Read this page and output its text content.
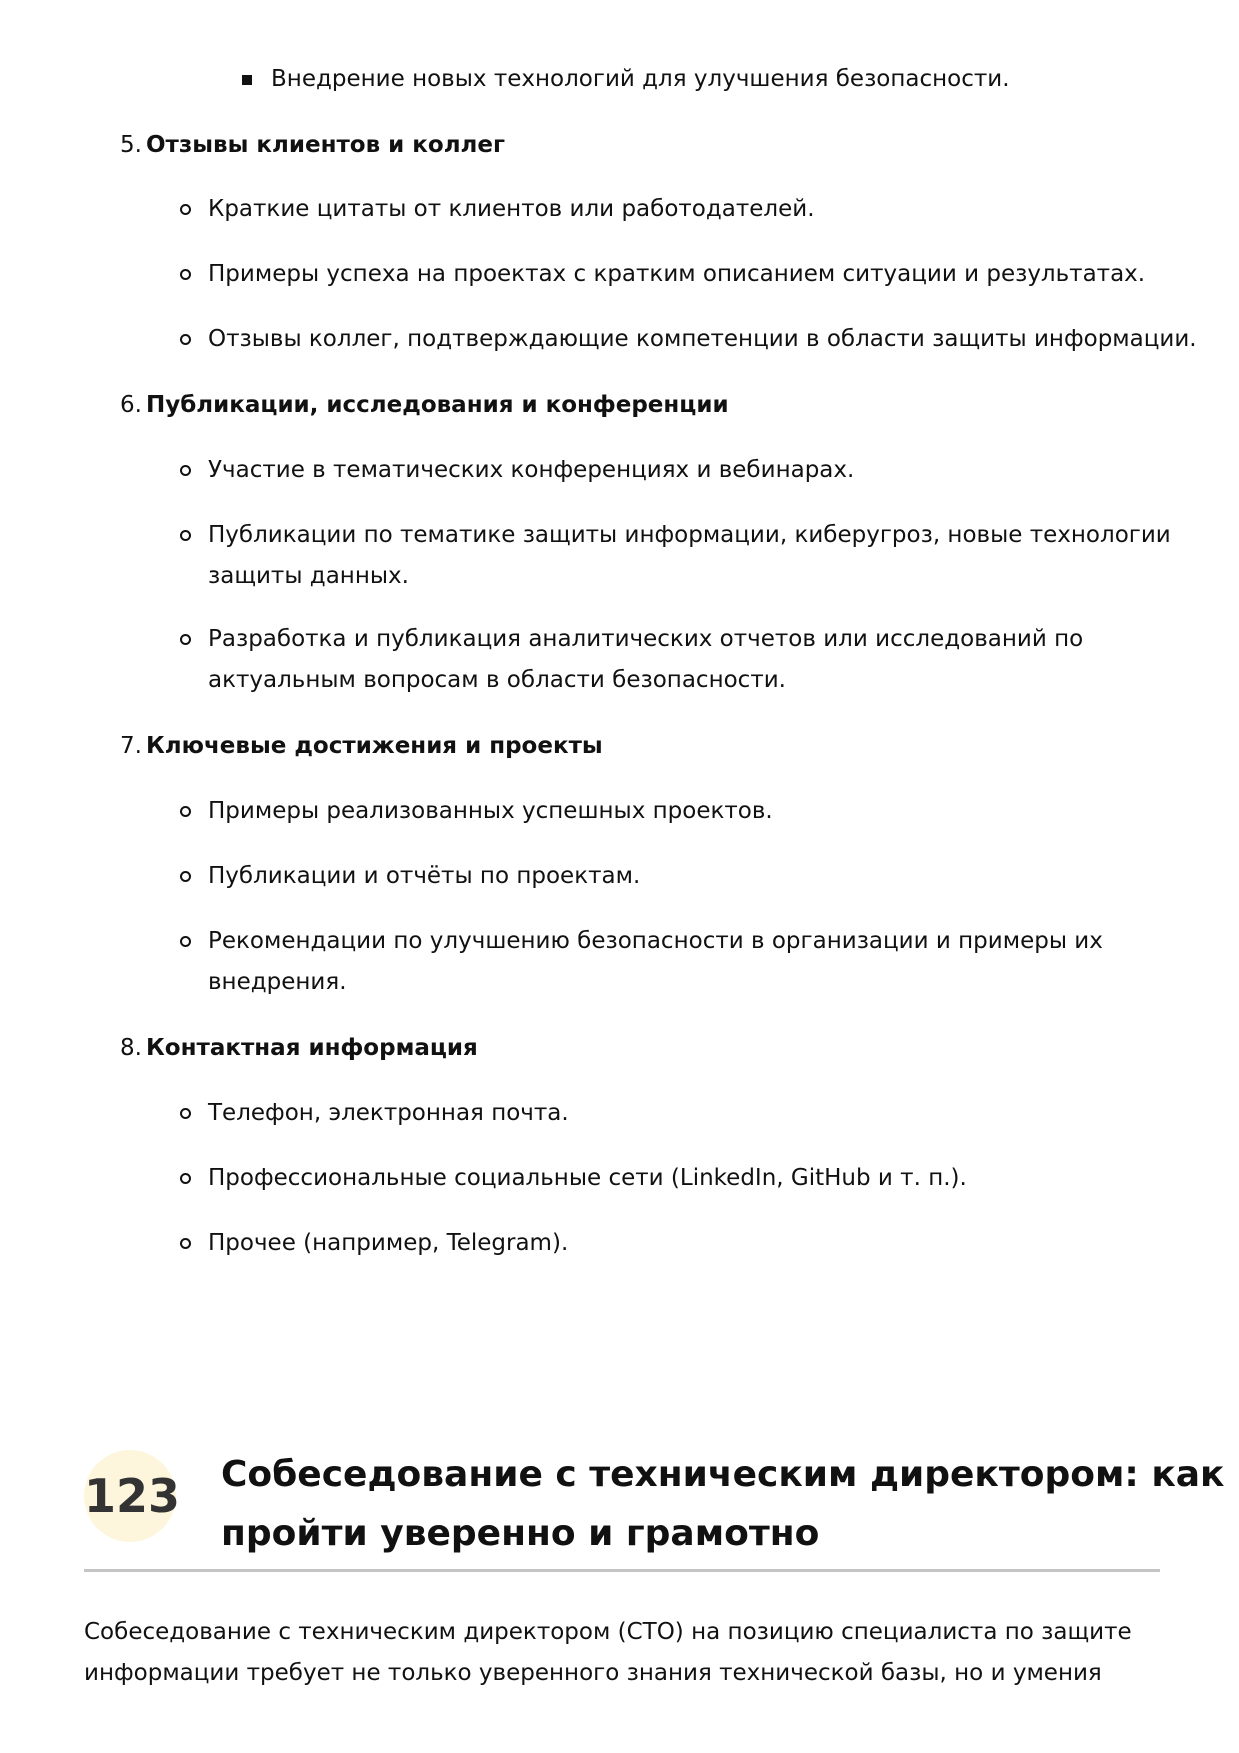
Внедрение новых технологий для улучшения безопасности.
5. Отзывы клиентов и коллег
Краткие цитаты от клиентов или работодателей.
Примеры успеха на проектах с кратким описанием ситуации и результатах.
Отзывы коллег, подтверждающие компетенции в области защиты информации.
6. Публикации, исследования и конференции
Участие в тематических конференциях и вебинарах.
Публикации по тематике защиты информации, киберугроз, новые технологии
защиты данных.
Разработка и публикация аналитических отчетов или исследований по
актуальным вопросам в области безопасности.
7. Ключевые достижения и проекты
Примеры реализованных успешных проектов.
Публикации и отчёты по проектам.
Рекомендации по улучшению безопасности в организации и примеры их
внедрения.
8. Контактная информация
Телефон, электронная почта.
Профессиональные социальные сети (LinkedIn, GitHub и т. п.).
Прочее (например, Telegram).
123 Собеседование с техническим директором: как
пройти уверенно и грамотно
Собеседование с техническим директором (CTO) на позицию специалиста по защите
информации требует не только уверенного знания технической базы, но и умения
